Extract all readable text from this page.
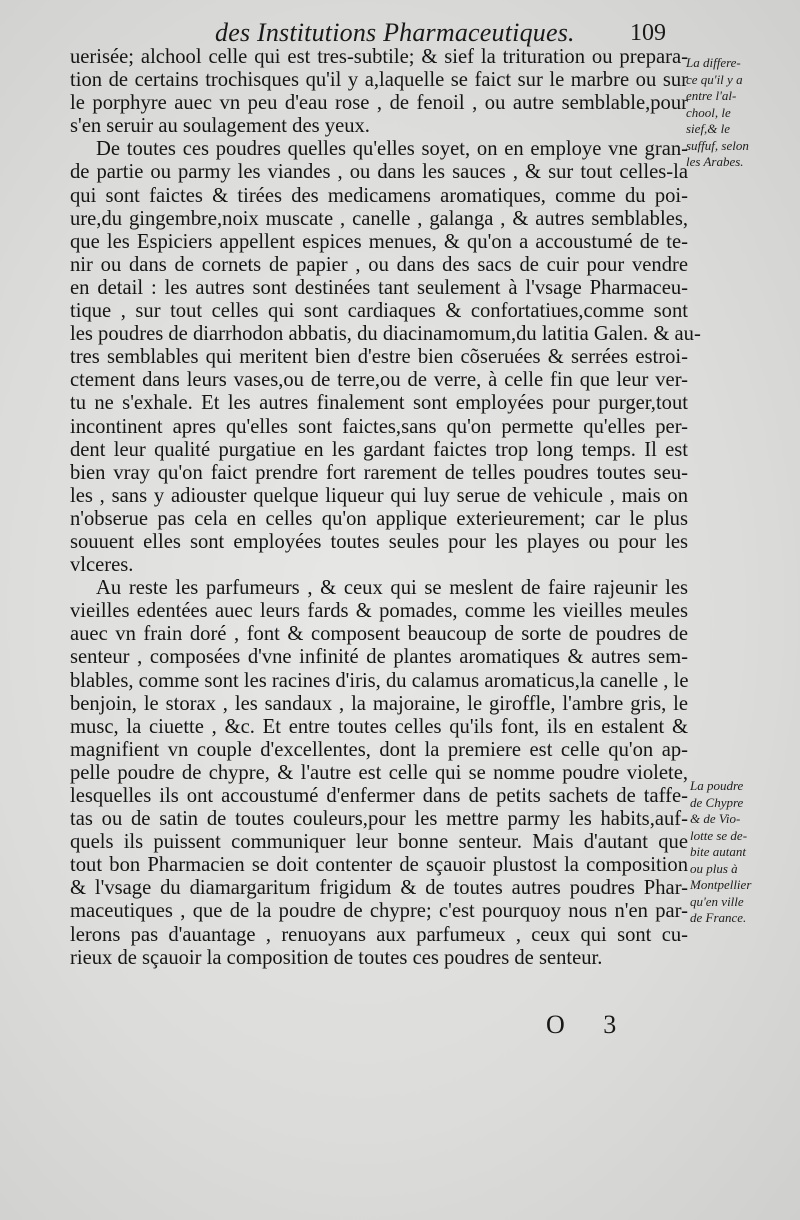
des Institutions Pharmaceutiques. 109
uerisée; alchool celle qui est tres-subtile; & sief la trituration ou prepara-
tion de certains trochisques qu'il y a,laquelle se faict sur le marbre ou sur
le porphyre auec vn peu d'eau rose , de fenoil , ou autre semblable,pour
s'en seruir au soulagement des yeux.
De toutes ces poudres quelles qu'elles soyet, on en employe vne gran-
de partie ou parmy les viandes , ou dans les sauces , & sur tout celles-la
qui sont faictes & tirées des medicamens aromatiques, comme du poi-
ure,du gingembre,noix muscate , canelle , galanga , & autres semblables,
que les Espiciers appellent espices menues, & qu'on a accoustumé de te-
nir ou dans de cornets de papier , ou dans des sacs de cuir pour vendre
en detail : les autres sont destinées tant seulement à l'vsage Pharmaceu-
tique , sur tout celles qui sont cardiaques & confortatiues,comme sont
les poudres de diarrhodon abbatis, du diacinamomum,du latitia Galen. & au-
tres semblables qui meritent bien d'estre bien cõseruées & serrées estroi-
ctement dans leurs vases,ou de terre,ou de verre, à celle fin que leur ver-
tu ne s'exhale. Et les autres finalement sont employées pour purger,tout
incontinent apres qu'elles sont faictes,sans qu'on permette qu'elles per-
dent leur qualité purgatiue en les gardant faictes trop long temps. Il est
bien vray qu'on faict prendre fort rarement de telles poudres toutes seu-
les , sans y adiouster quelque liqueur qui luy serue de vehicule , mais on
n'obserue pas cela en celles qu'on applique exterieurement; car le plus
souuent elles sont employées toutes seules pour les playes ou pour les
vlceres.
Au reste les parfumeurs , & ceux qui se meslent de faire rajeunir les
vieilles edentées auec leurs fards & pomades, comme les vieilles meules
auec vn frain doré , font & composent beaucoup de sorte de poudres de
senteur , composées d'vne infinité de plantes aromatiques & autres sem-
blables, comme sont les racines d'iris, du calamus aromaticus,la canelle , le
benjoin, le storax , les sandaux , la majoraine, le giroffle, l'ambre gris, le
musc, la ciuette , &c. Et entre toutes celles qu'ils font, ils en estalent &
magnifient vn couple d'excellentes, dont la premiere est celle qu'on ap-
pelle poudre de chypre, & l'autre est celle qui se nomme poudre violete,
lesquelles ils ont accoustumé d'enfermer dans de petits sachets de taffe-
tas ou de satin de toutes couleurs,pour les mettre parmy les habits,auf-
quels ils puissent communiquer leur bonne senteur. Mais d'autant que
tout bon Pharmacien se doit contenter de sçauoir plustost la composition
& l'vsage du diamargaritum frigidum & de toutes autres poudres Phar-
maceutiques , que de la poudre de chypre; c'est pourquoy nous n'en par-
lerons pas d'auantage , renuoyans aux parfumeux , ceux qui sont cu-
rieux de sçauoir la composition de toutes ces poudres de senteur.
La differe-
ce qu'il y a
entre l'al-
chool, le
sief,& le
suffuf, selon
les Arabes.
La poudre
de Chypre
& de Vio-
lotte se de-
bite autant
ou plus à
Montpellier
qu'en ville
de France.
O 3
